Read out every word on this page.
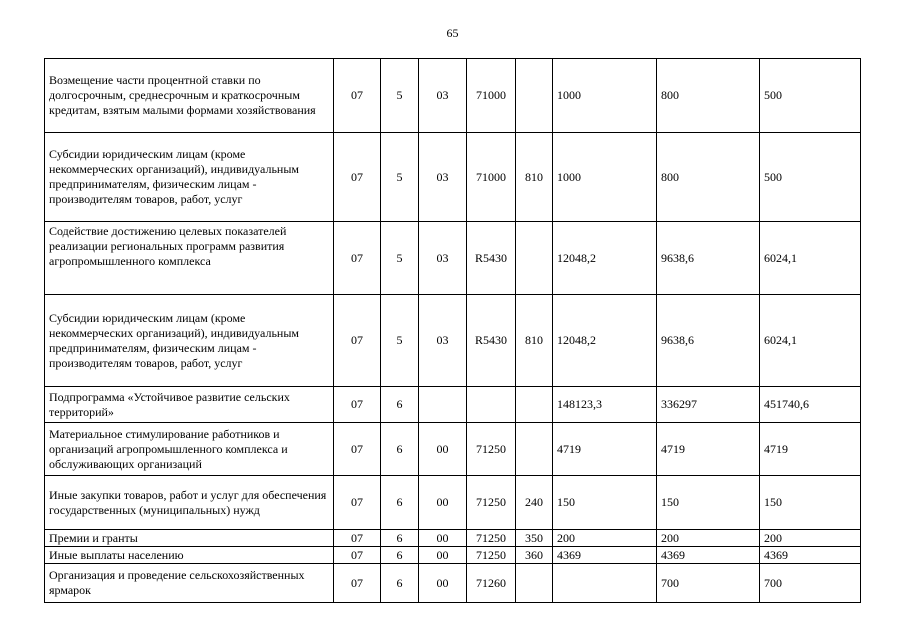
65
Возмещение части процентной ставки по долгосрочным, среднесрочным и краткосрочным кредитам, взятым малыми формами хозяйствования	07	5	03	71000		1000	800	500
Субсидии юридическим лицам (кроме некоммерческих организаций), индивидуальным предпринимателям, физическим лицам - производителям товаров, работ, услуг	07	5	03	71000	810	1000	800	500
Содействие достижению целевых показателей реализации региональных программ развития агропромышленного комплекса	07	5	03	R5430		12048,2	9638,6	6024,1
Субсидии юридическим лицам (кроме некоммерческих организаций), индивидуальным предпринимателям, физическим лицам - производителям товаров, работ, услуг	07	5	03	R5430	810	12048,2	9638,6	6024,1
Подпрограмма «Устойчивое развитие сельских территорий»	07	6				148123,3	336297	451740,6
Материальное стимулирование работников и организаций агропромышленного комплекса и обслуживающих организаций	07	6	00	71250		4719	4719	4719
Иные закупки товаров, работ и услуг для обеспечения государственных (муниципальных) нужд	07	6	00	71250	240	150	150	150
Премии и гранты	07	6	00	71250	350	200	200	200
Иные выплаты населению	07	6	00	71250	360	4369	4369	4369
Организация и проведение сельскохозяйственных ярмарок	07	6	00	71260			700	700
